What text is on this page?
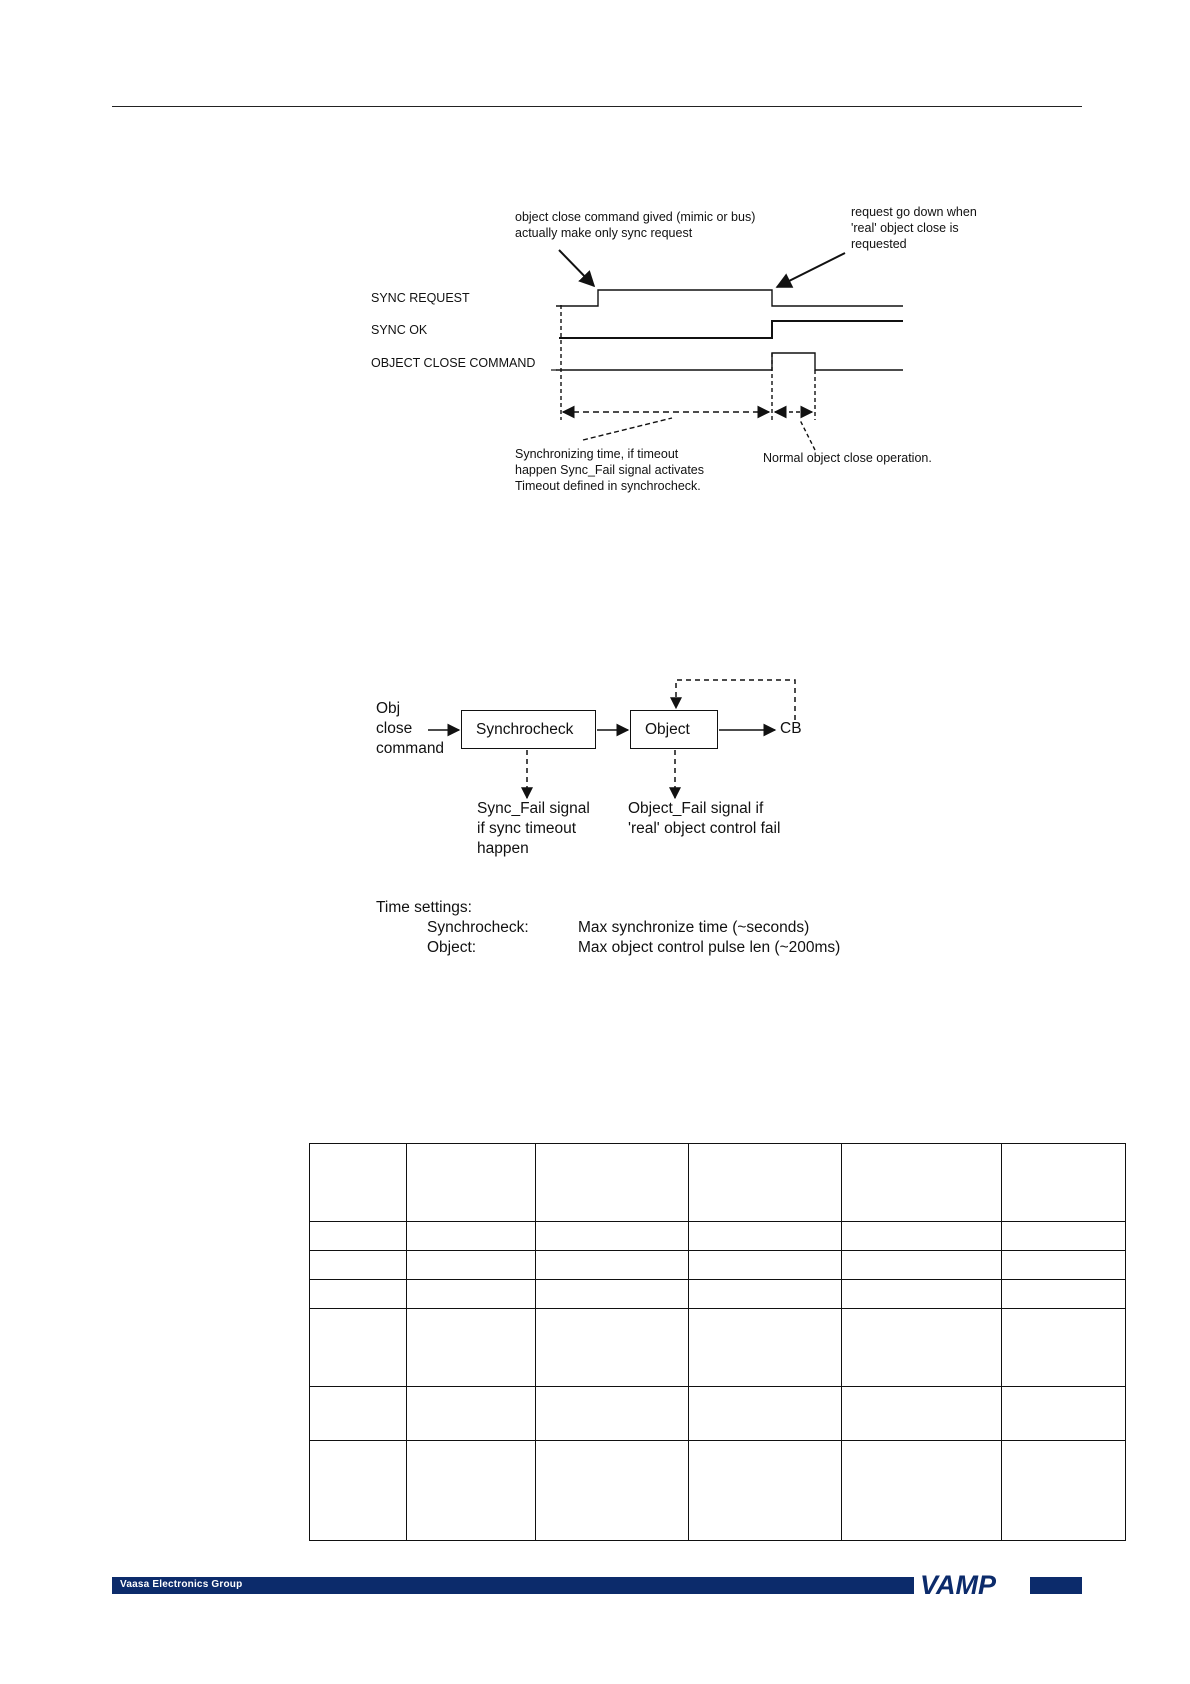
object close command gived (mimic or bus)
actually make only sync request
request go down when
'real' object close is
requested
SYNC REQUEST
SYNC OK
OBJECT CLOSE COMMAND
Synchronizing time, if timeout
happen Sync_Fail signal activates
Timeout defined in synchrocheck.
Normal object close operation.
Obj
close
command
Synchrocheck	Object	CB
Sync_Fail signal
if sync timeout
happen
Object_Fail signal if
'real' object control fail
Time settings:
Synchrocheck:	Max synchronize time (~seconds)
Object:	Max object control pulse len (~200ms)

Vaasa Electronics Group	VAMP
